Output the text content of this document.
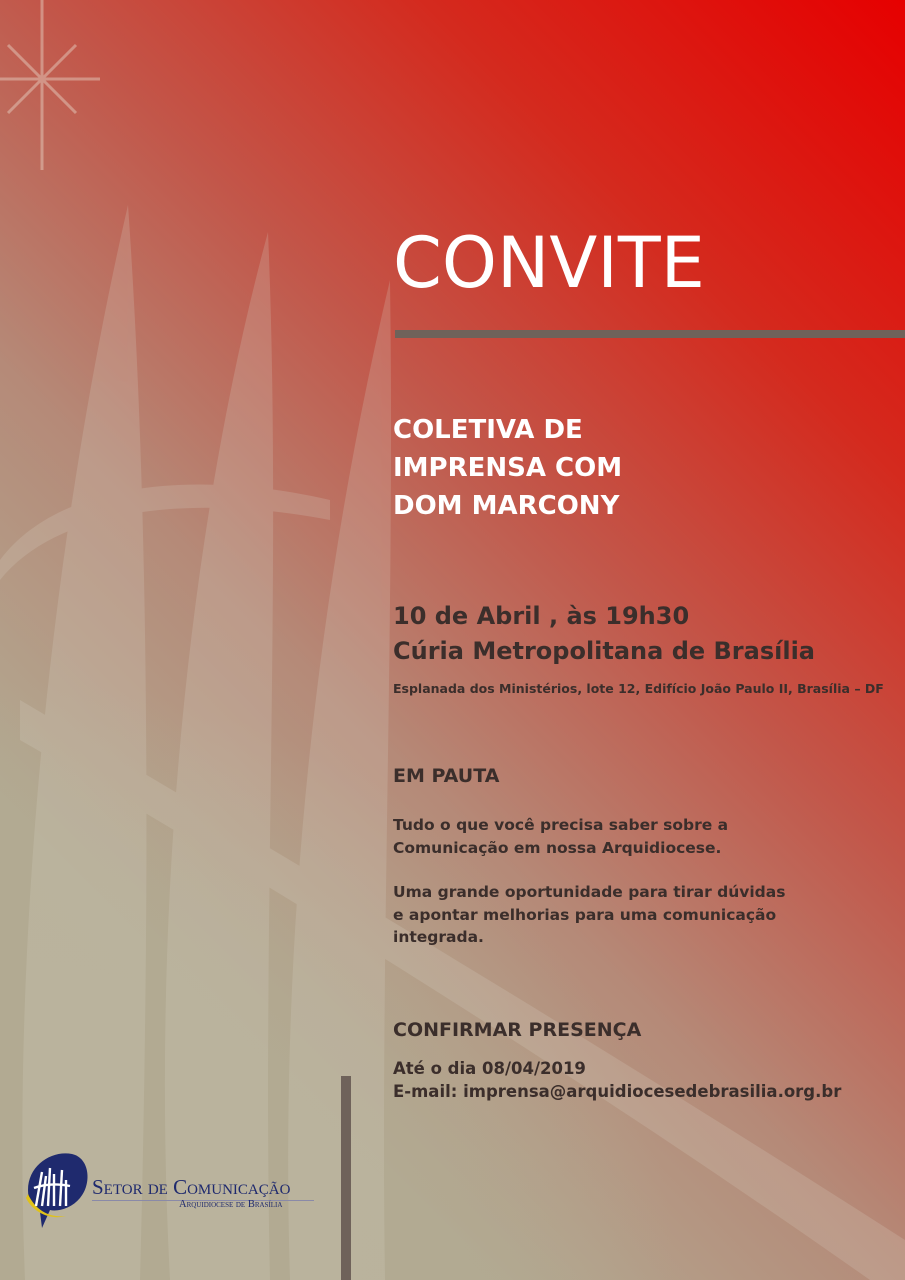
CONVITE
COLETIVA DE
IMPRENSA COM
DOM MARCONY
10 de Abril , às 19h30
Cúria Metropolitana de Brasília
Esplanada dos Ministérios, lote 12, Edifício João Paulo II, Brasília – DF
EM PAUTA
Tudo o que você precisa saber sobre a
Comunicação em nossa Arquidiocese.
Uma grande oportunidade para tirar dúvidas
e apontar melhorias para uma comunicação
integrada.
CONFIRMAR PRESENÇA
Até o dia 08/04/2019
E-mail: imprensa@arquidiocesedebrasilia.org.br
Setor de Comunicação
Arquidiocese de Brasília
